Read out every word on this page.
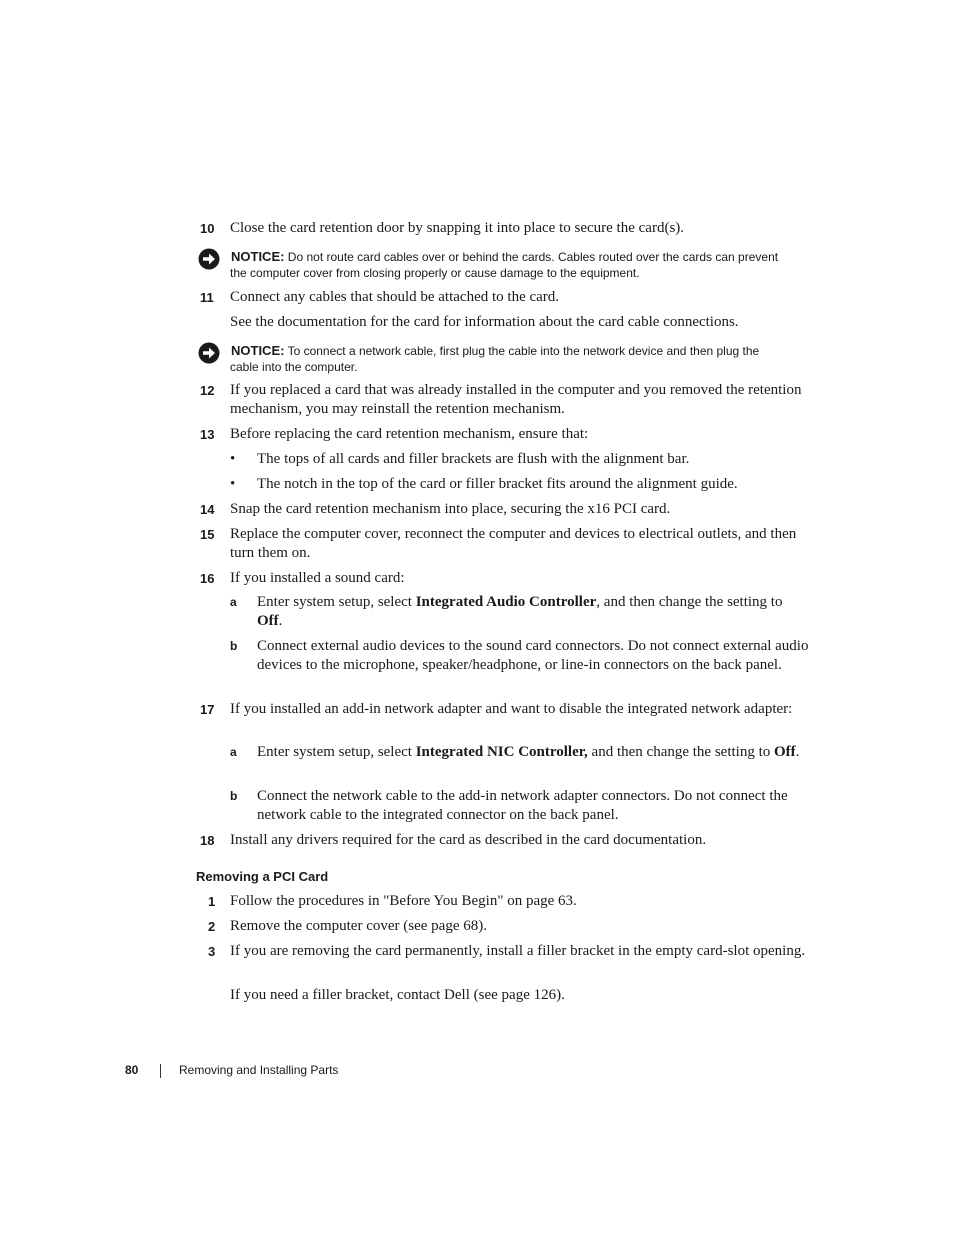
10	Close the card retention door by snapping it into place to secure the card(s).
NOTICE: Do not route card cables over or behind the cards. Cables routed over the cards can prevent
the computer cover from closing properly or cause damage to the equipment.
11	Connect any cables that should be attached to the card.
See the documentation for the card for information about the card cable connections.
NOTICE: To connect a network cable, first plug the cable into the network device and then plug the
cable into the computer.
12	If you replaced a card that was already installed in the computer and you removed the retention mechanism, you may reinstall the retention mechanism.
13	Before replacing the card retention mechanism, ensure that:
• The tops of all cards and filler brackets are flush with the alignment bar.
• The notch in the top of the card or filler bracket fits around the alignment guide.
14	Snap the card retention mechanism into place, securing the x16 PCI card.
15	Replace the computer cover, reconnect the computer and devices to electrical outlets, and then turn them on.
16	If you installed a sound card:
a Enter system setup, select Integrated Audio Controller, and then change the setting to Off.
b Connect external audio devices to the sound card connectors. Do not connect external audio devices to the microphone, speaker/headphone, or line-in connectors on the back panel.
17	If you installed an add-in network adapter and want to disable the integrated network adapter:
a Enter system setup, select Integrated NIC Controller, and then change the setting to Off.
b Connect the network cable to the add-in network adapter connectors. Do not connect the network cable to the integrated connector on the back panel.
18	Install any drivers required for the card as described in the card documentation.
Removing a PCI Card
1 Follow the procedures in "Before You Begin" on page 63.
2 Remove the computer cover (see page 68).
3 If you are removing the card permanently, install a filler bracket in the empty card-slot opening.
If you need a filler bracket, contact Dell (see page 126).
80	Removing and Installing Parts
